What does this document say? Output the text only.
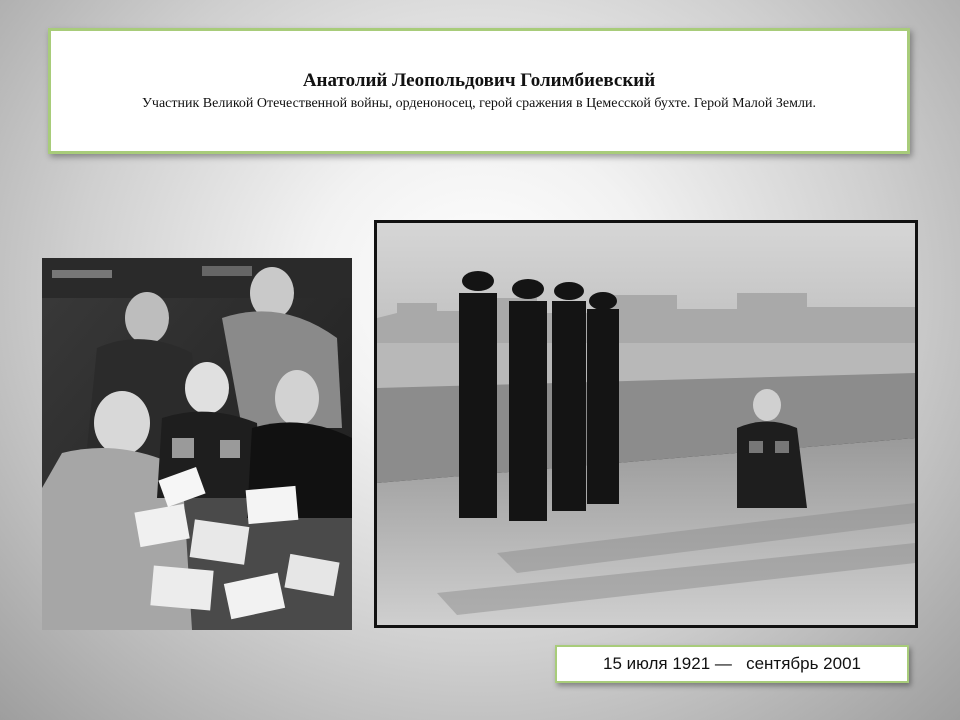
Анатолий Леопольдович Голимбиевский
Участник Великой Отечественной войны, орденоносец, герой сражения в Цемесской бухте. Герой Малой Земли.
15 июля 1921 —   сентябрь 2001
